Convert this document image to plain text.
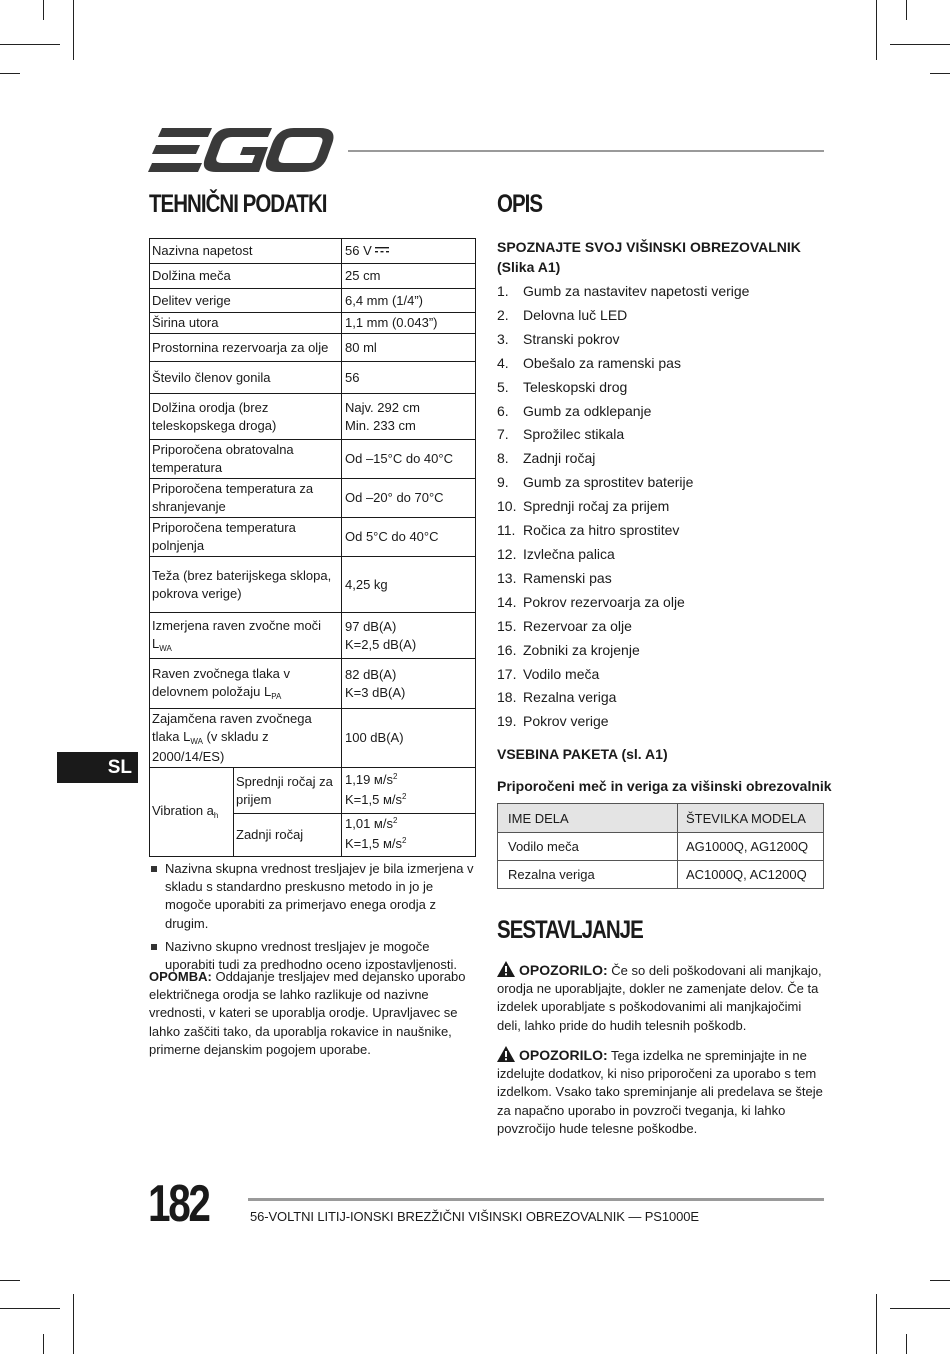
TEHNIČNI PODATKI
Nazivna napetost		56 V
Dolžina meča		25 cm
Delitev verige		6,4 mm (1/4”)
Širina utora		1,1 mm (0.043”)
Prostornina rezervoarja za olje		80 ml
Število členov gonila		56
Dolžina orodja (brez teleskopskega droga)		Najv. 292 cm
Min. 233 cm
Priporočena obratovalna temperatura		Od –15°C do 40°C
Priporočena temperatura za shranjevanje		Od –20° do 70°C
Priporočena temperatura polnjenja		Od 5°C do 40°C
Teža (brez baterijskega sklopa, pokrova verige)		4,25 kg
Izmerjena raven zvočne moči $L_{WA}$		97 dB(A)
K=2,5 dB(A)
Raven zvočnega tlaka v delovnem položaju $L_{PA}$		82 dB(A)
K=3 dB(A)
Zajamčena raven zvočnega tlaka $L_{WA}$ (v skladu z 2000/14/ES)		100 dB(A)
Vibration $a_h$	Sprednji ročaj za prijem	1,19 $м/s^2$
K=1,5 $м/s^2$
	Zadnji ročaj	1,01 $м/s^2$
K=1,5 $м/s^2$
Nazivna skupna vrednost tresljajev je bila izmerjena v skladu s standardno preskusno metodo in jo je mogoče uporabiti za primerjavo enega orodja z drugim.
Nazivno skupno vrednost tresljajev je mogoče uporabiti tudi za predhodno oceno izpostavljenosti.
OPOMBA: Oddajanje tresljajev med dejansko uporabo električnega orodja se lahko razlikuje od nazivne vrednosti, v kateri se uporablja orodje. Upravljavec se lahko zaščiti tako, da uporablja rokavice in naušnike, primerne dejanskim pogojem uporabe.
SL
OPIS
SPOZNAJTE SVOJ VIŠINSKI OBREZOVALNIK (Slika A1)
1.	Gumb za nastavitev napetosti verige
2.	Delovna luč LED
3.	Stranski pokrov
4.	Obešalo za ramenski pas
5.	Teleskopski drog
6.	Gumb za odklepanje
7.	Sprožilec stikala
8.	Zadnji ročaj
9.	Gumb za sprostitev baterije
10. Sprednji ročaj za prijem
11. Ročica za hitro sprostitev
12. Izvlečna palica
13. Ramenski pas
14. Pokrov rezervoarja za olje
15. Rezervoar za olje
16. Zobniki za krojenje
17. Vodilo meča
18. Rezalna veriga
19. Pokrov verige
VSEBINA PAKETA (sl. A1)
Priporočeni meč in veriga za višinski obrezovalnik
IME DELA	ŠTEVILKA MODELA
Vodilo meča	AG1000Q, AG1200Q
Rezalna veriga	AC1000Q, AC1200Q
SESTAVLJANJE
OPOZORILO: Če so deli poškodovani ali manjkajo, orodja ne uporabljajte, dokler ne zamenjate delov. Če ta izdelek uporabljate s poškodovanimi ali manjkajočimi deli, lahko pride do hudih telesnih poškodb.
OPOZORILO: Tega izdelka ne spreminjajte in ne izdelujte dodatkov, ki niso priporočeni za uporabo s tem izdelkom. Vsako tako spreminjanje ali predelava se šteje za napačno uporabo in povzroči tveganja, ki lahko povzročijo hude telesne poškodbe.
182	56-VOLTNI LITIJ-IONSKI BREZŽIČNI VIŠINSKI OBREZOVALNIK — PS1000E
